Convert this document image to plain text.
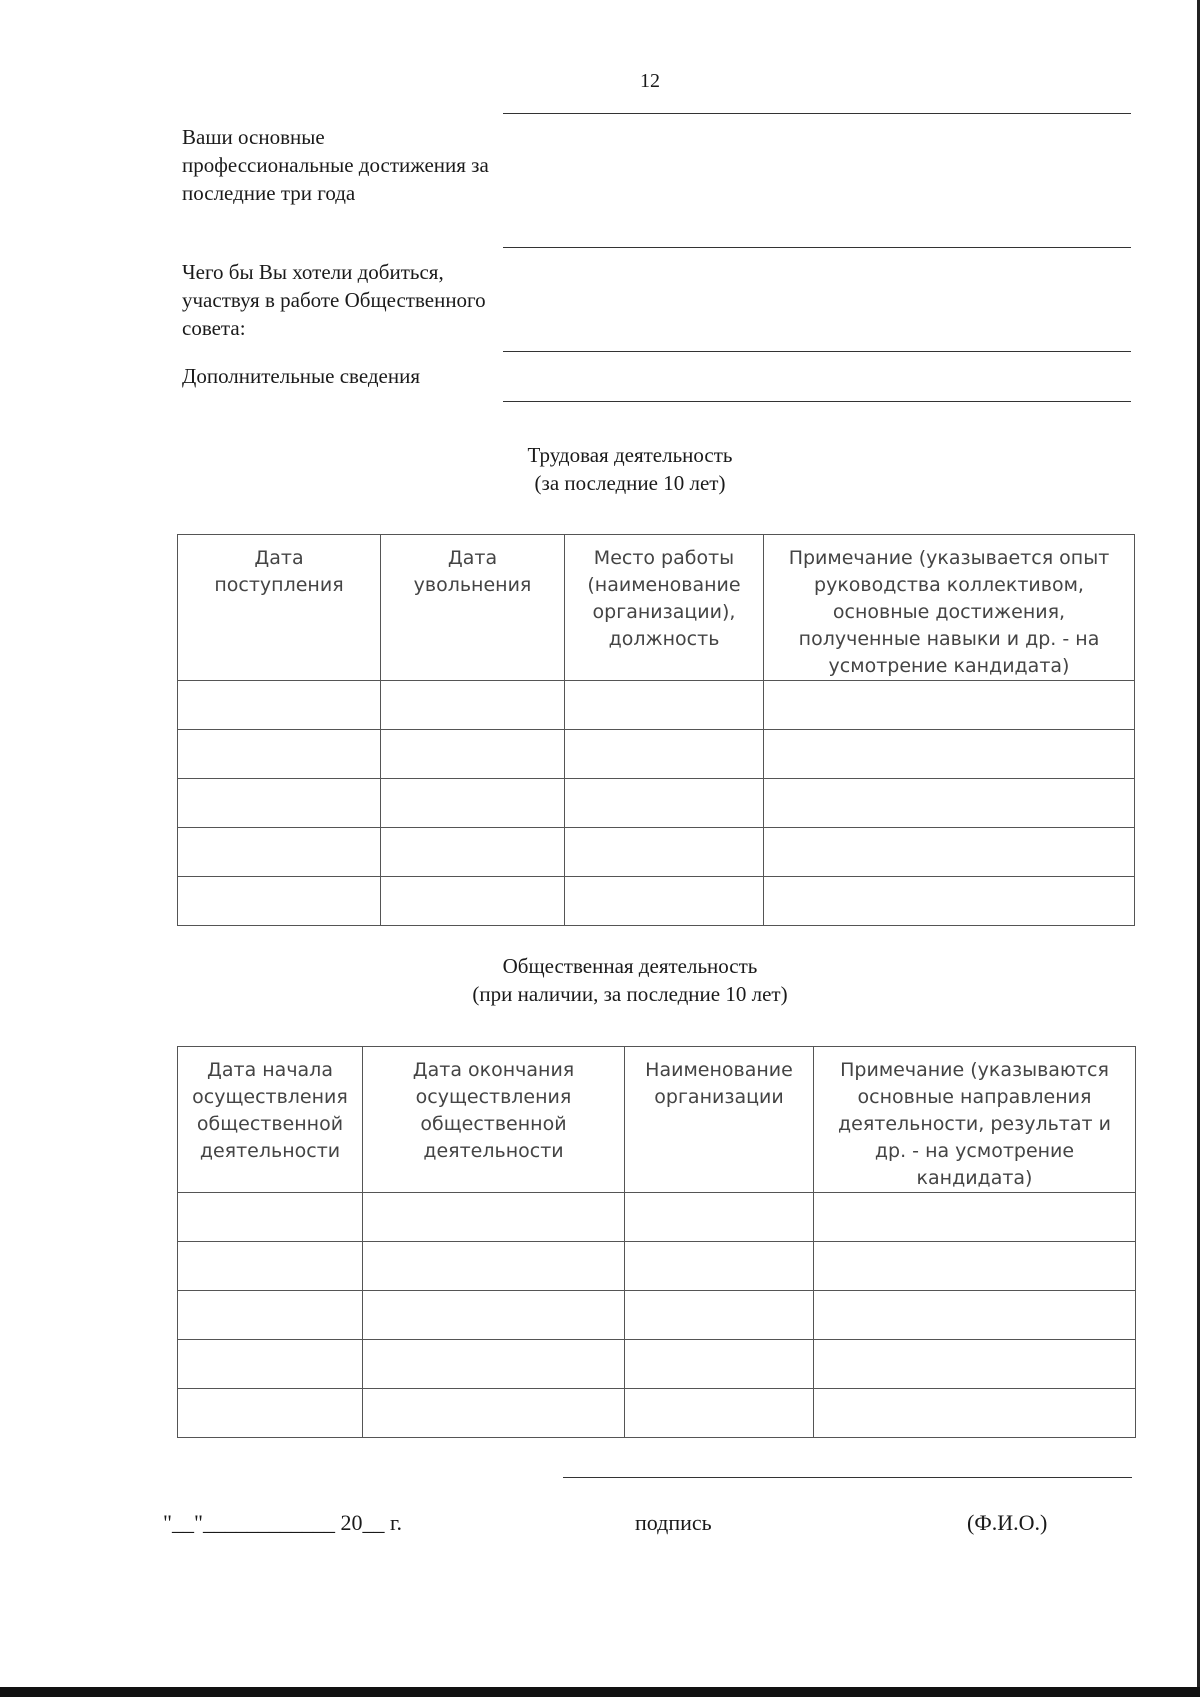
12
Ваши основные профессиональные достижения за последние три года
Чего бы Вы хотели добиться, участвуя в работе Общественного совета:
Дополнительные сведения
Трудовая деятельность
(за последние 10 лет)
Дата поступления	Дата увольнения	Место работы (наименование организации), должность	Примечание (указывается опыт руководства коллективом, основные достижения, полученные навыки и др. - на усмотрение кандидата)

Общественная деятельность
(при наличии, за последние 10 лет)
Дата начала осуществления общественной деятельности	Дата окончания осуществления общественной деятельности	Наименование организации	Примечание (указываются основные направления деятельности, результат и др. - на усмотрение кандидата)

"__"____________ 20__ г.	подпись	(Ф.И.О.)
